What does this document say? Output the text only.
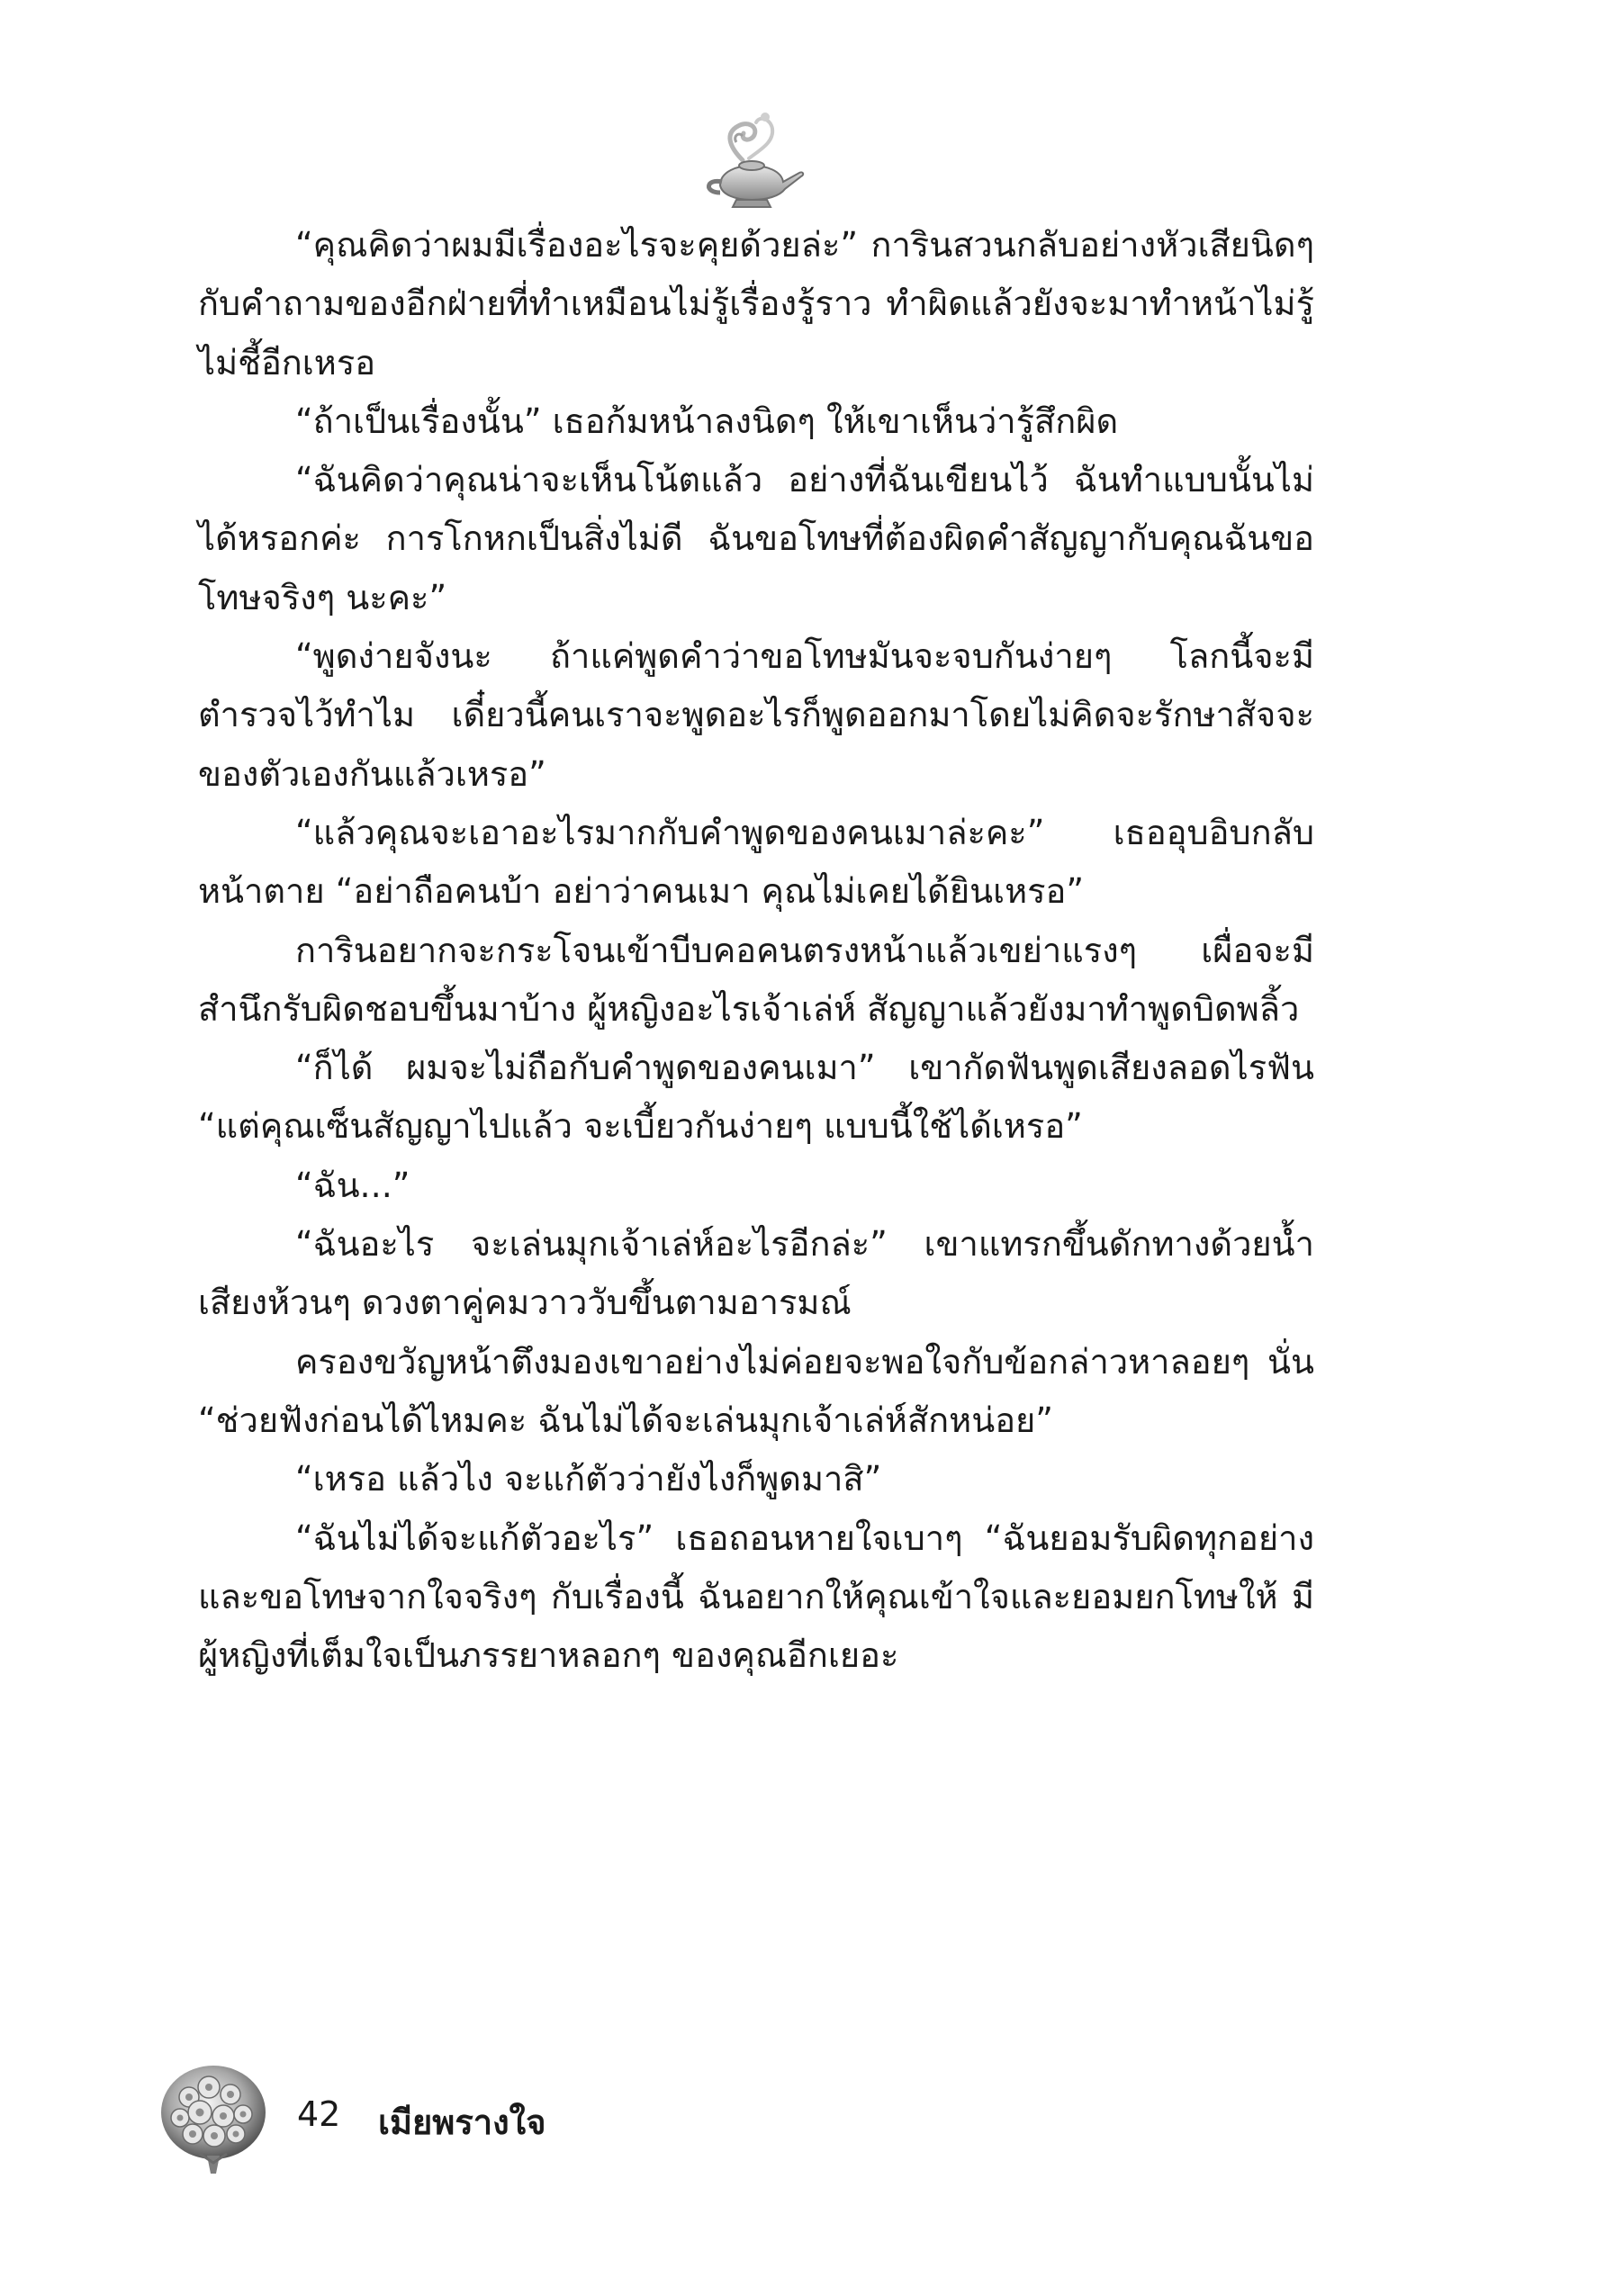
“คุณคิดว่าผมมีเรื่องอะไรจะคุยด้วยล่ะ” การินสวนกลับอย่างหัวเสียนิดๆ กับคำถามของอีกฝ่ายที่ทำเหมือนไม่รู้เรื่องรู้ราว ทำผิดแล้วยังจะมาทำหน้าไม่รู้ไม่ชี้อีกเหรอ

“ถ้าเป็นเรื่องนั้น” เธอก้มหน้าลงนิดๆ ให้เขาเห็นว่ารู้สึกผิด

“ฉันคิดว่าคุณน่าจะเห็นโน้ตแล้ว อย่างที่ฉันเขียนไว้ ฉันทำแบบนั้นไม่ได้หรอกค่ะ การโกหกเป็นสิ่งไม่ดี ฉันขอโทษที่ต้องผิดคำสัญญากับคุณฉันขอโทษจริงๆ นะคะ”

“พูดง่ายจังนะ ถ้าแค่พูดคำว่าขอโทษมันจะจบกันง่ายๆ โลกนี้จะมีตำรวจไว้ทำไม เดี๋ยวนี้คนเราจะพูดอะไรก็พูดออกมาโดยไม่คิดจะรักษาสัจจะของตัวเองกันแล้วเหรอ”

“แล้วคุณจะเอาอะไรมากกับคำพูดของคนเมาล่ะคะ” เธออุบอิบกลับหน้าตาย “อย่าถือคนบ้า อย่าว่าคนเมา คุณไม่เคยได้ยินเหรอ”

การินอยากจะกระโจนเข้าบีบคอคนตรงหน้าแล้วเขย่าแรงๆ เผื่อจะมีสำนึกรับผิดชอบขึ้นมาบ้าง ผู้หญิงอะไรเจ้าเล่ห์ สัญญาแล้วยังมาทำพูดบิดพลิ้ว

“ก็ได้ ผมจะไม่ถือกับคำพูดของคนเมา” เขากัดฟันพูดเสียงลอดไรฟัน “แต่คุณเซ็นสัญญาไปแล้ว จะเบี้ยวกันง่ายๆ แบบนี้ใช้ได้เหรอ”

“ฉัน...”

“ฉันอะไร จะเล่นมุกเจ้าเล่ห์อะไรอีกล่ะ” เขาแทรกขึ้นดักทางด้วยน้ำเสียงห้วนๆ ดวงตาคู่คมวาววับขึ้นตามอารมณ์

ครองขวัญหน้าตึงมองเขาอย่างไม่ค่อยจะพอใจกับข้อกล่าวหาลอยๆ นั่น “ช่วยฟังก่อนได้ไหมคะ ฉันไม่ได้จะเล่นมุกเจ้าเล่ห์สักหน่อย”

“เหรอ แล้วไง จะแก้ตัวว่ายังไงก็พูดมาสิ”

“ฉันไม่ได้จะแก้ตัวอะไร” เธอถอนหายใจเบาๆ “ฉันยอมรับผิดทุกอย่างและขอโทษจากใจจริงๆ กับเรื่องนี้ ฉันอยากให้คุณเข้าใจและยอมยกโทษให้ มีผู้หญิงที่เต็มใจเป็นภรรยาหลอกๆ ของคุณอีกเยอะ

42 เมียพรางใจ
